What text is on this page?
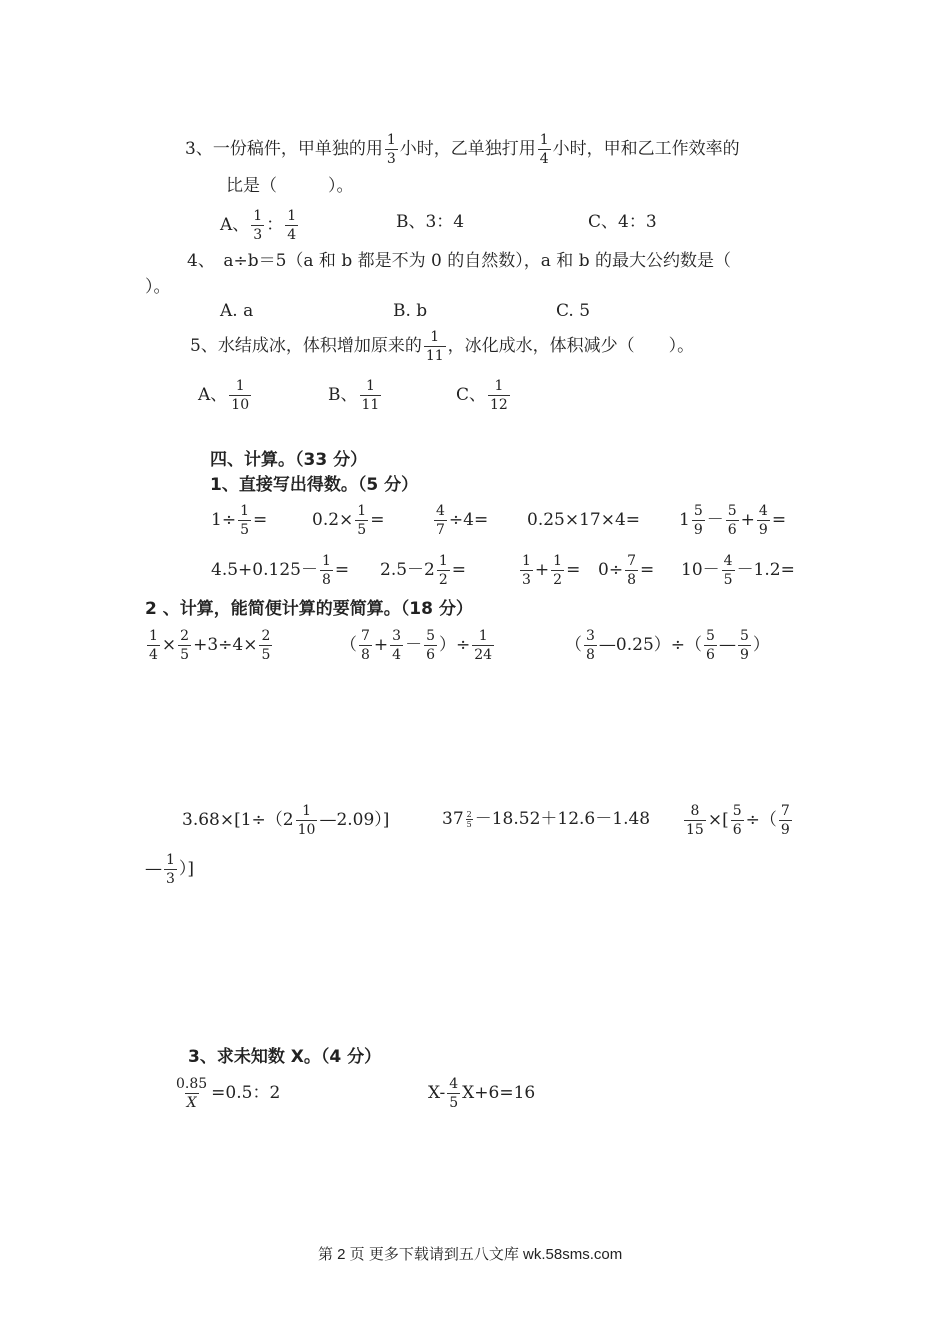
3、一份稿件，甲单独的用 $\frac{1}{3}$ 小时，乙单独打用 $\frac{1}{4}$ 小时，甲和乙工作效率的
比是（　　　）。
A、 $\frac{1}{3}$ ： $\frac{1}{4}$	B、3：4	C、4：3
4、　a÷b＝5（a 和 b 都是不为 0 的自然数），a 和 b 的最大公约数是（
）。
A. a	B. b	C. 5
5、水结成冰，体积增加原来的 $\frac{1}{11}$ ，冰化成水，体积减少（　　）。
A、 $\frac{1}{10}$	B、 $\frac{1}{11}$	C、 $\frac{1}{12}$
四、计算。（33 分）
1、直接写出得数。（5 分）
$1\div \frac{1}{5}$ =	$0.2\times \frac{1}{5}$ =	$\frac{4}{7} \div 4= 0.25\times 17\times 4= 1 \frac{5}{9} - \frac{5}{6} + \frac{4}{9}$ =
$4.5+0.125- \frac{1}{8} = 2.5-2 \frac{1}{2}$ =	$\frac{1}{3} + \frac{1}{2} = 0\div \frac{7}{8} = 10- \frac{4}{5} -1.2=$
2 、计算，能简便计算的要简算。（18 分）
$\frac{1}{4} \times \frac{2}{5} +3\div 4\times \frac{2}{5}$	（ $\frac{7}{8} + \frac{3}{4} - \frac{5}{6}$ ）÷ $\frac{1}{24}$	（ $\frac{3}{8}$ —0.25）÷（ $\frac{5}{6}$ — $\frac{5}{9}$ ）
$3.68\times[1\div(2 \frac{1}{10}$ —2.09）]	$37 \frac{2}{5} -18.52+12.6-1.48 \frac{8}{15}$ ×[ $\frac{5}{6}$ ÷（ $\frac{7}{9}$
— $\frac{1}{3}$ ）]
3、求未知数 X。（4 分）
$\frac{0.85}{X} =0.5$：2	$X- \frac{4}{5} X+6=16$
第 2 页 更多下载请到五八文库 wk.58sms.com
